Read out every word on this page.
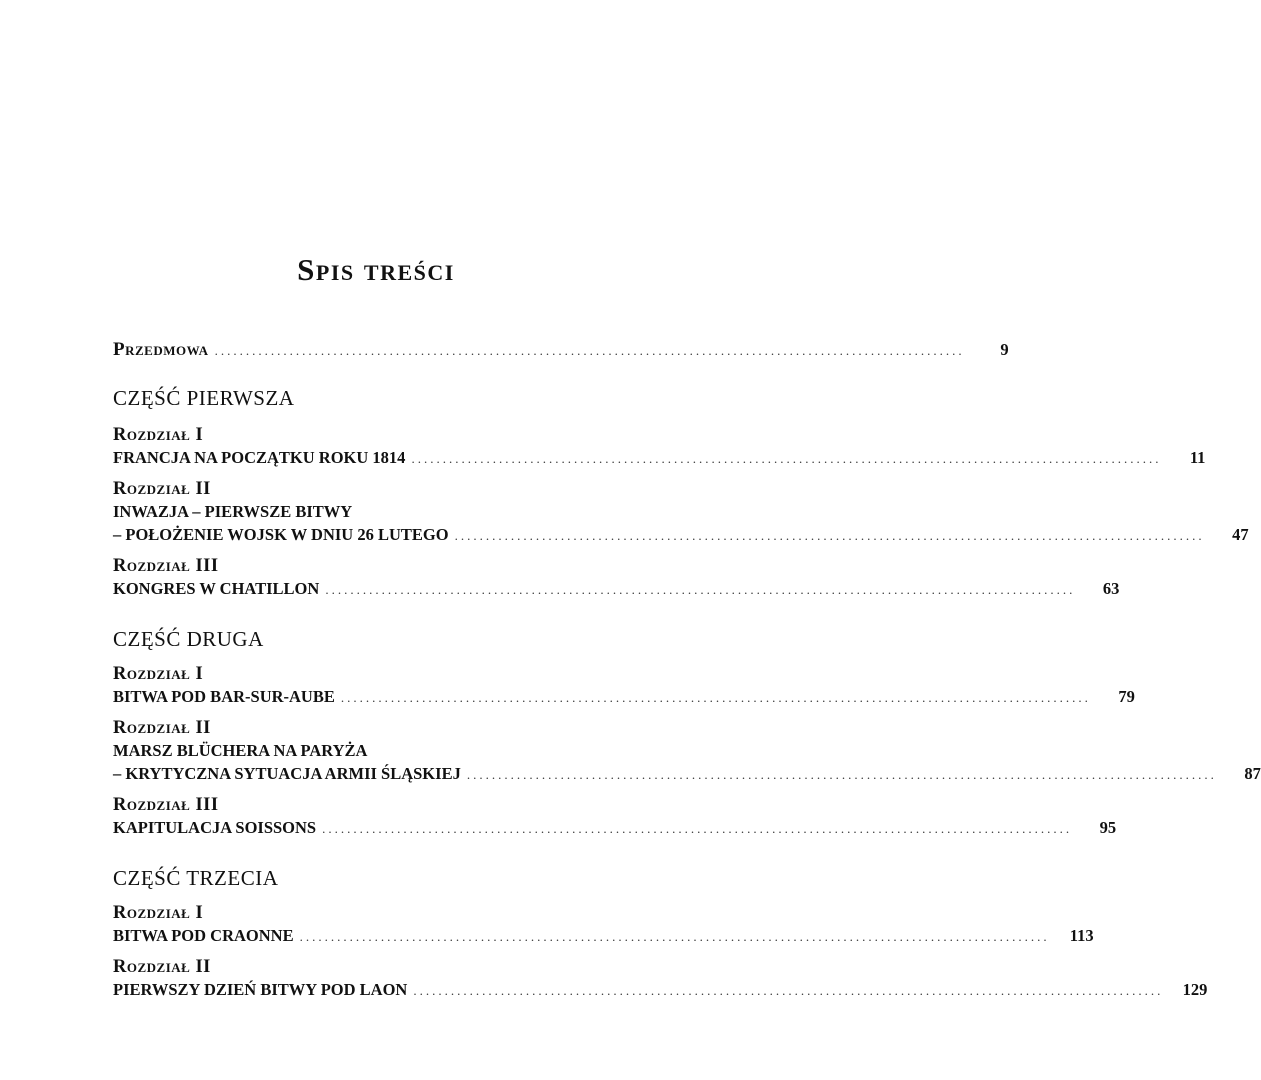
Spis treści
Przedmowa ........................................................................................................................	9
CZĘŚĆ PIERWSZA
Rozdział I
FRANCJA NA POCZĄTKU ROKU 1814 ........................................................................................................................	11
Rozdział II
INWAZJA – PIERWSZE BITWY
– POŁOŻENIE WOJSK W DNIU 26 LUTEGO ........................................................................................................................	47
Rozdział III
KONGRES W CHATILLON ........................................................................................................................	63
CZĘŚĆ DRUGA
Rozdział I
BITWA POD BAR-SUR-AUBE ........................................................................................................................	79
Rozdział II
MARSZ BLÜCHERA NA PARYŻA
– KRYTYCZNA SYTUACJA ARMII ŚLĄSKIEJ ........................................................................................................................	87
Rozdział III
KAPITULACJA SOISSONS ........................................................................................................................	95
CZĘŚĆ TRZECIA
Rozdział I
BITWA POD CRAONNE ........................................................................................................................	113
Rozdział II
PIERWSZY DZIEŃ BITWY POD LAON ........................................................................................................................	129
